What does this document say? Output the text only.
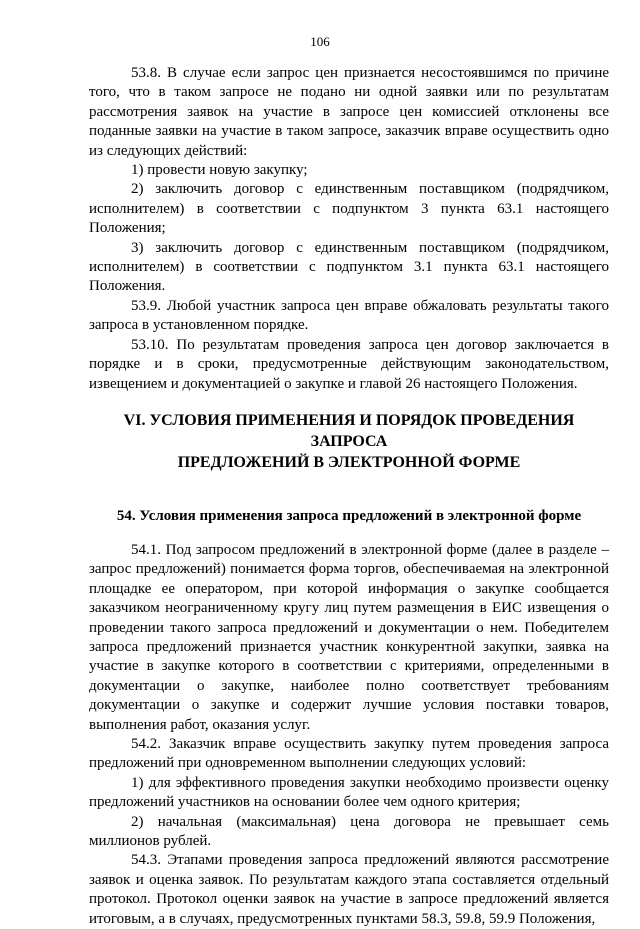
106

53.8. В случае если запрос цен признается несостоявшимся по причине того, что в таком запросе не подано ни одной заявки или по результатам рассмотрения заявок на участие в запросе цен комиссией отклонены все поданные заявки на участие в таком запросе, заказчик вправе осуществить одно из следующих действий:

1) провести новую закупку;

2) заключить договор с единственным поставщиком (подрядчиком, исполнителем) в соответствии с подпунктом 3 пункта 63.1 настоящего Положения;

3) заключить договор с единственным поставщиком (подрядчиком, исполнителем) в соответствии с подпунктом 3.1 пункта 63.1 настоящего Положения.

53.9. Любой участник запроса цен вправе обжаловать результаты такого запроса в установленном порядке.

53.10. По результатам проведения запроса цен договор заключается в порядке и в сроки, предусмотренные действующим законодательством, извещением и документацией о закупке и главой 26 настоящего Положения.

VI. УСЛОВИЯ ПРИМЕНЕНИЯ И ПОРЯДОК ПРОВЕДЕНИЯ ЗАПРОСА
ПРЕДЛОЖЕНИЙ В ЭЛЕКТРОННОЙ ФОРМЕ
54. Условия применения запроса предложений в электронной форме

54.1. Под запросом предложений в электронной форме (далее в разделе – запрос предложений) понимается форма торгов, обеспечиваемая на электронной площадке ее оператором, при которой информация о закупке сообщается заказчиком неограниченному кругу лиц путем размещения в ЕИС извещения о проведении такого запроса предложений и документации о нем. Победителем запроса предложений признается участник конкурентной закупки, заявка на участие в закупке которого в соответствии с критериями, определенными в документации о закупке, наиболее полно соответствует требованиям документации о закупке и содержит лучшие условия поставки товаров, выполнения работ, оказания услуг.

54.2. Заказчик вправе осуществить закупку путем проведения запроса предложений при одновременном выполнении следующих условий:

1) для эффективного проведения закупки необходимо произвести оценку предложений участников на основании более чем одного критерия;

2) начальная (максимальная) цена договора не превышает семь миллионов рублей.

54.3. Этапами проведения запроса предложений являются рассмотрение заявок и оценка заявок. По результатам каждого этапа составляется отдельный протокол. Протокол оценки заявок на участие в запросе предложений является итоговым, а в случаях, предусмотренных пунктами 58.3, 59.8, 59.9 Положения,
